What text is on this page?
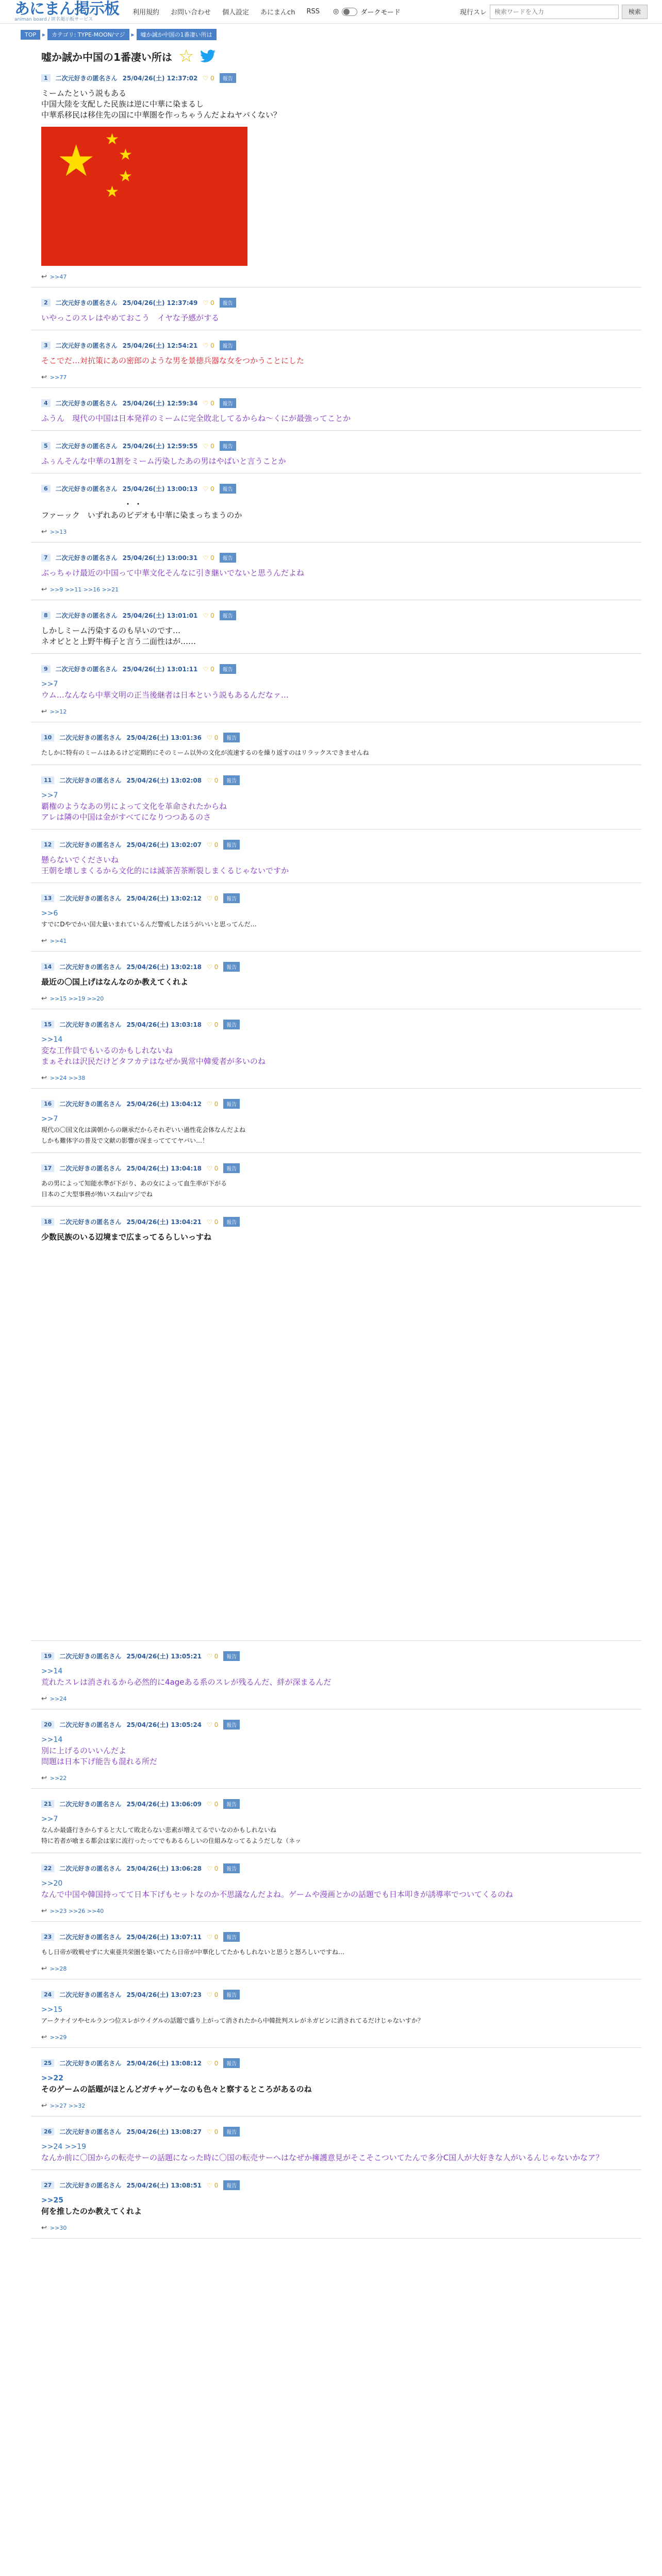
あにまん掲示板
animan board / 匿名掲示板サービス
利用規約 お問い合わせ 個人設定 あにまんch RSS ◎	ダークモード	現行スレ
検索ワードを入力	検索
TOP	▸	カテゴリ: TYPE-MOON/マジ	▸	嘘か誠か中国の1番凄い所は
嘘か誠か中国の1番凄い所は ☆
1	二次元好きの匿名さん 25/04/26(土) 12:37:02 ♡ 0	報告
ミームたという説もある
中国大陸を支配した民族は逆に中華に染まるし
中華系移民は移住先の国に中華圏を作っちゃうんだよねヤバくない？
★ ★
★
★
★
↩ >>47
2	二次元好きの匿名さん 25/04/26(土) 12:37:49 ♡ 0	報告
いやっこのスレはやめておこう　イヤな予感がする
3	二次元好きの匿名さん 25/04/26(土) 12:54:21 ♡ 0	報告
そこでだ…対抗策にあの密郎のような男を景徳兵器な女をつかうことにした
↩ >>77
4	二次元好きの匿名さん 25/04/26(土) 12:59:34 ♡ 0	報告
ふうん　現代の中国は日本発祥のミームに完全敗北してるからね～くにが最強ってことか
5	二次元好きの匿名さん 25/04/26(土) 12:59:55 ♡ 0	報告
ふぅんそんな中華の1割をミーム汚染したあの男はやばいと言うことか
6	二次元好きの匿名さん 25/04/26(土) 13:00:13 ♡ 0	報告
・・
ファーック　いずれあのビデオも中華に染まっちまうのか
↩ >>13
7	二次元好きの匿名さん 25/04/26(土) 13:00:31 ♡ 0	報告
ぶっちゃけ最近の中国って中華文化そんなに引き継いでないと思うんだよね
↩ >>9 >>11 >>16 >>21
8	二次元好きの匿名さん 25/04/26(土) 13:01:01 ♡ 0	報告
しかしミーム汚染するのも早いのです…
ネオピとと上野牛梅子と言う二面性はが……
9	二次元好きの匿名さん 25/04/26(土) 13:01:11 ♡ 0	報告
>>7
ウム…なんなら中華文明の正当後継者は日本という説もあるんだなァ…
↩ >>12
10	二次元好きの匿名さん 25/04/26(土) 13:01:36 ♡ 0	報告
たしかに特有のミームはあるけど定期的にそのミーム以外の文化が流速するのを繰り返すのはリラックスできませんね
11	二次元好きの匿名さん 25/04/26(土) 13:02:08 ♡ 0	報告
>>7
覇権のようなあの男によって文化を革命されたからね
アレは隣の中国は金がすべてになりつつあるのさ
12	二次元好きの匿名さん 25/04/26(土) 13:02:07 ♡ 0	報告
懸らないでくださいね
王朝を壊しまくるから文化的には滅茶苦茶断裂しまくるじゃないですか
13	二次元好きの匿名さん 25/04/26(土) 13:02:12 ♡ 0	報告
>>6
すでにDやでかい国大量いまれているんだ警戒したほうがいいと思ってんだ…
↩ >>41
14	二次元好きの匿名さん 25/04/26(土) 13:02:18 ♡ 0	報告
最近の〇国上げはなんなのか教えてくれよ
↩ >>15 >>19 >>20
15	二次元好きの匿名さん 25/04/26(土) 13:03:18 ♡ 0	報告
>>14
変な工作員でもいるのかもしれないね
まぁそれは沢民だけどタフカテはなぜか異常中韓愛者が多いのね
↩ >>24 >>38
16	二次元好きの匿名さん 25/04/26(土) 13:04:12 ♡ 0	報告
>>7
現代の〇国文化は満朝からの継承だからそれぞいい過性花会体なんだよね
しかも難体字の普及で文献の影響が深まってててヤバい…！
17	二次元好きの匿名さん 25/04/26(土) 13:04:18 ♡ 0	報告
あの男によって知能水準が下がり、あの女によって血生率が下がる
日本のご大型事務が怖いスね山マジでね
18	二次元好きの匿名さん 25/04/26(土) 13:04:21 ♡ 0	報告
少数民族のいる辺境まで広まってるらしいっすね
19	二次元好きの匿名さん 25/04/26(土) 13:05:21 ♡ 0	報告
>>14
荒れたスレは消されるから必然的に4ageある系のスレが残るんだ、絆が深まるんだ
↩ >>24
20	二次元好きの匿名さん 25/04/26(土) 13:05:24 ♡ 0	報告
>>14
別に上げるのいいんだよ
問題は日本下げ能告も混れる所だ
↩ >>22
21	二次元好きの匿名さん 25/04/26(土) 13:06:09 ♡ 0	報告
>>7
なんか最盛行きからすると大して敗北らない悲素が増えてるでいなのかもしれないね
特に若者が喰まる都会は家に流行ったってでもあるらしいの住組みなってるようだしな（ネッ
22	二次元好きの匿名さん 25/04/26(土) 13:06:28 ♡ 0	報告
>>20
なんで中国や韓国持ってて日本下げもセットなのか不思議なんだよね。ゲームや漫画とかの話題でも日本叩きが誘導率でついてくるのね
↩ >>23 >>26 >>40
23	二次元好きの匿名さん 25/04/26(土) 13:07:11 ♡ 0	報告
もし日帝が敗戦せずに大東亜共栄圏を築いてたら日帝が中華化してたかもしれないと思うと怒ろしいですね…
↩ >>28
24	二次元好きの匿名さん 25/04/26(土) 13:07:23 ♡ 0	報告
>>15
アークナイツやセルランつ位スレがウイグルの話題で盛り上がって消されたから中韓批判スレがネガピンに消されてるだけじゃないすか？
↩ >>29
25	二次元好きの匿名さん 25/04/26(土) 13:08:12 ♡ 0	報告
>>22
そのゲームの話題がほとんどガチャゲーなのも色々と察するところがあるのね
↩ >>27 >>32
26	二次元好きの匿名さん 25/04/26(土) 13:08:27 ♡ 0	報告
>>24 >>19
なんか前に〇国からの転売サーの話題になった時に〇国の転売サーへはなぜか擁護意見がそこそこついてたんで多分C国人が大好きな人がいるんじゃないかなア？
27	二次元好きの匿名さん 25/04/26(土) 13:08:51 ♡ 0	報告
>>25
何を推したのか教えてくれよ
↩ >>30
